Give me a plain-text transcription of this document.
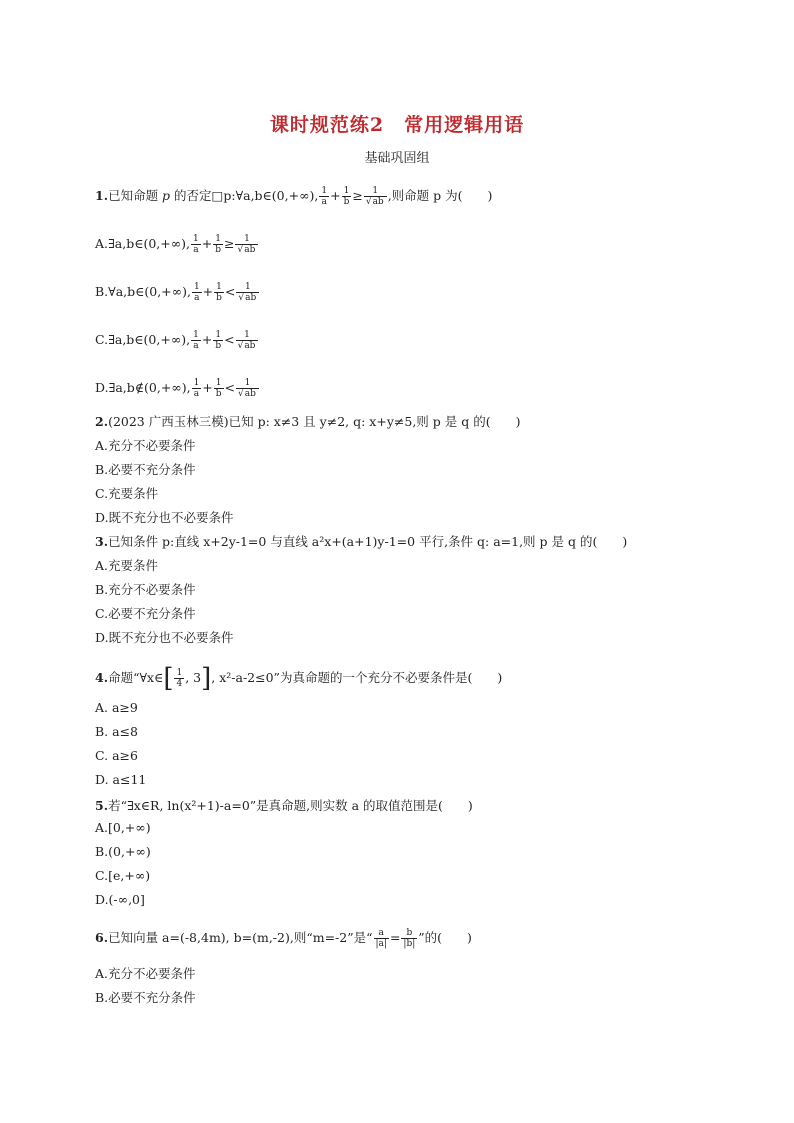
课时规范练2　常用逻辑用语
基础巩固组
1.已知命题 p 的否定□p:∀a,b∈(0,+∞), $\frac{1}{a} + \frac{1}{b} \ge \frac{1}{√ab}$ ,则命题 p 为(　　)
A.∃a,b∈(0,+∞), $\frac{1}{a} + \frac{1}{b} \ge \frac{1}{√ab}$
B.∀a,b∈(0,+∞), $\frac{1}{a} + \frac{1}{b} < \frac{1}{√ab}$
C.∃a,b∈(0,+∞), $\frac{1}{a} + \frac{1}{b} < \frac{1}{√ab}$
D.∃a,b∉(0,+∞), $\frac{1}{a} + \frac{1}{b} < \frac{1}{√ab}$
2.(2023 广西玉林三模)已知 p: x≠3 且 y≠2, q: x+y≠5,则 p 是 q 的(　　)
A.充分不必要条件
B.必要不充分条件
C.充要条件
D.既不充分也不必要条件
3.已知条件 p:直线 x+2y-1=0 与直线 a²x+(a+1)y-1=0 平行,条件 q: a=1,则 p 是 q 的(　　)
A.充要条件
B.充分不必要条件
C.必要不充分条件
D.既不充分也不必要条件
4.命题“∀x∈[ $\frac{1}{4}$ , 3], x²-a-2≤0”为真命题的一个充分不必要条件是(　　)
A. a≥9
B. a≤8
C. a≥6
D. a≤11
5.若“∃x∈R, ln(x²+1)-a=0”是真命题,则实数 a 的取值范围是(　　)
A.[0,+∞)
B.(0,+∞)
C.[e,+∞)
D.(-∞,0]
6.已知向量 a=(-8,4m), b=(m,-2),则“m=-2”是“ $\frac{a}{|a|} = \frac{b}{|b|}$ ”的(　　)
A.充分不必要条件
B.必要不充分条件
